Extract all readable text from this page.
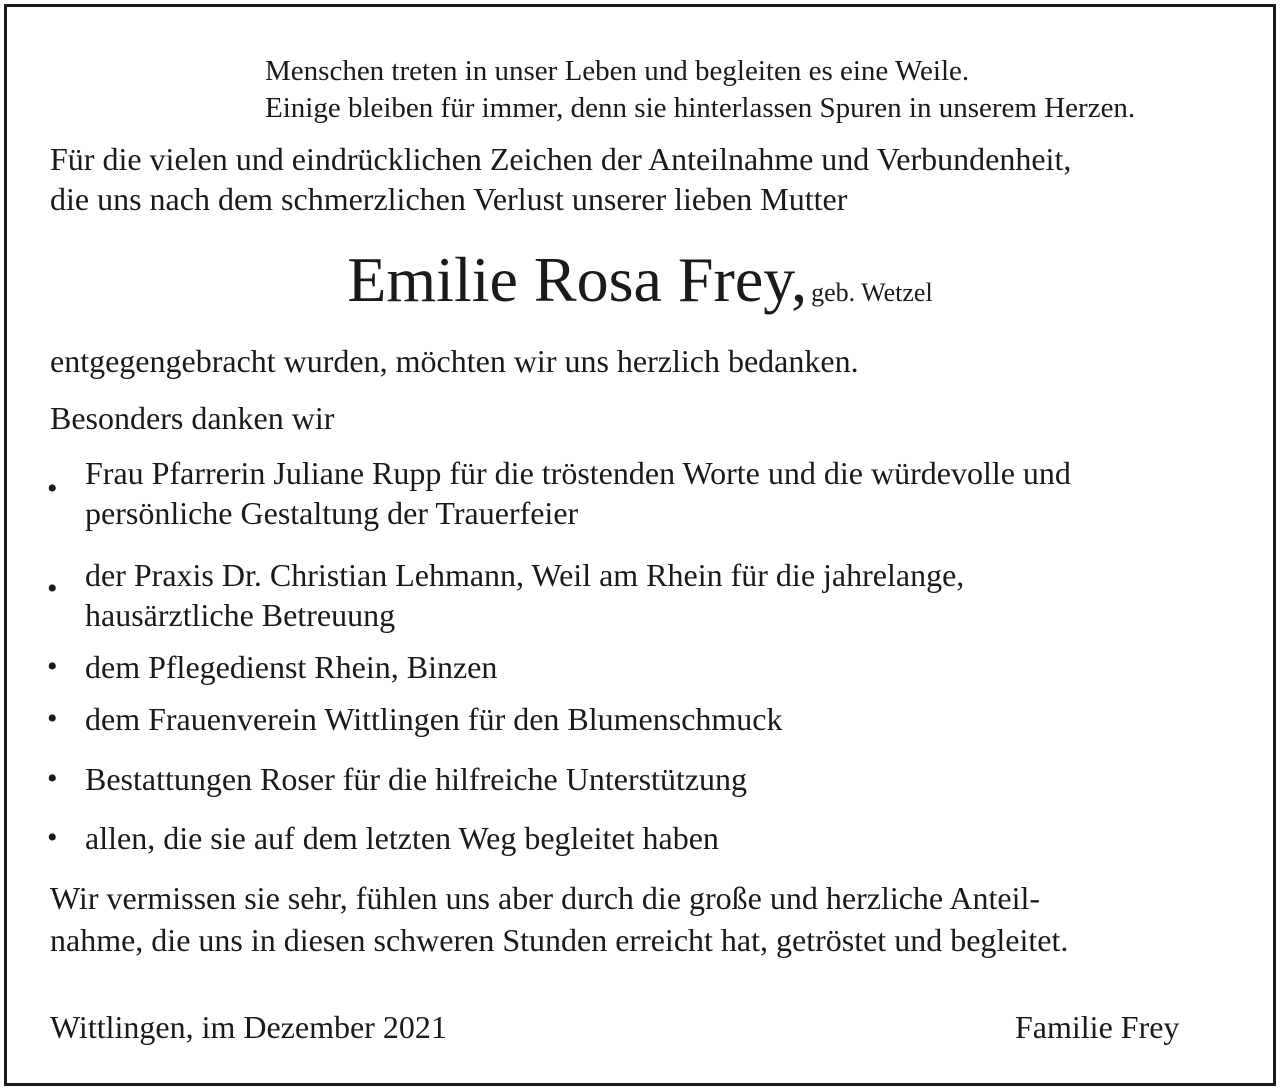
Menschen treten in unser Leben und begleiten es eine Weile.
Einige bleiben für immer, denn sie hinterlassen Spuren in unserem Herzen.
Für die vielen und eindrücklichen Zeichen der Anteilnahme und Verbundenheit,
die uns nach dem schmerzlichen Verlust unserer lieben Mutter
Emilie Rosa Frey, geb. Wetzel
entgegengebracht wurden, möchten wir uns herzlich bedanken.
Besonders danken wir
• Frau Pfarrerin Juliane Rupp für die tröstenden Worte und die würdevolle und
persönliche Gestaltung der Trauerfeier
• der Praxis Dr. Christian Lehmann, Weil am Rhein für die jahrelange,
hausärztliche Betreuung
• dem Pflegedienst Rhein, Binzen
• dem Frauenverein Wittlingen für den Blumenschmuck
• Bestattungen Roser für die hilfreiche Unterstützung
• allen, die sie auf dem letzten Weg begleitet haben
Wir vermissen sie sehr, fühlen uns aber durch die große und herzliche Anteil-
nahme, die uns in diesen schweren Stunden erreicht hat, getröstet und begleitet.
Wittlingen, im Dezember 2021	Familie Frey
